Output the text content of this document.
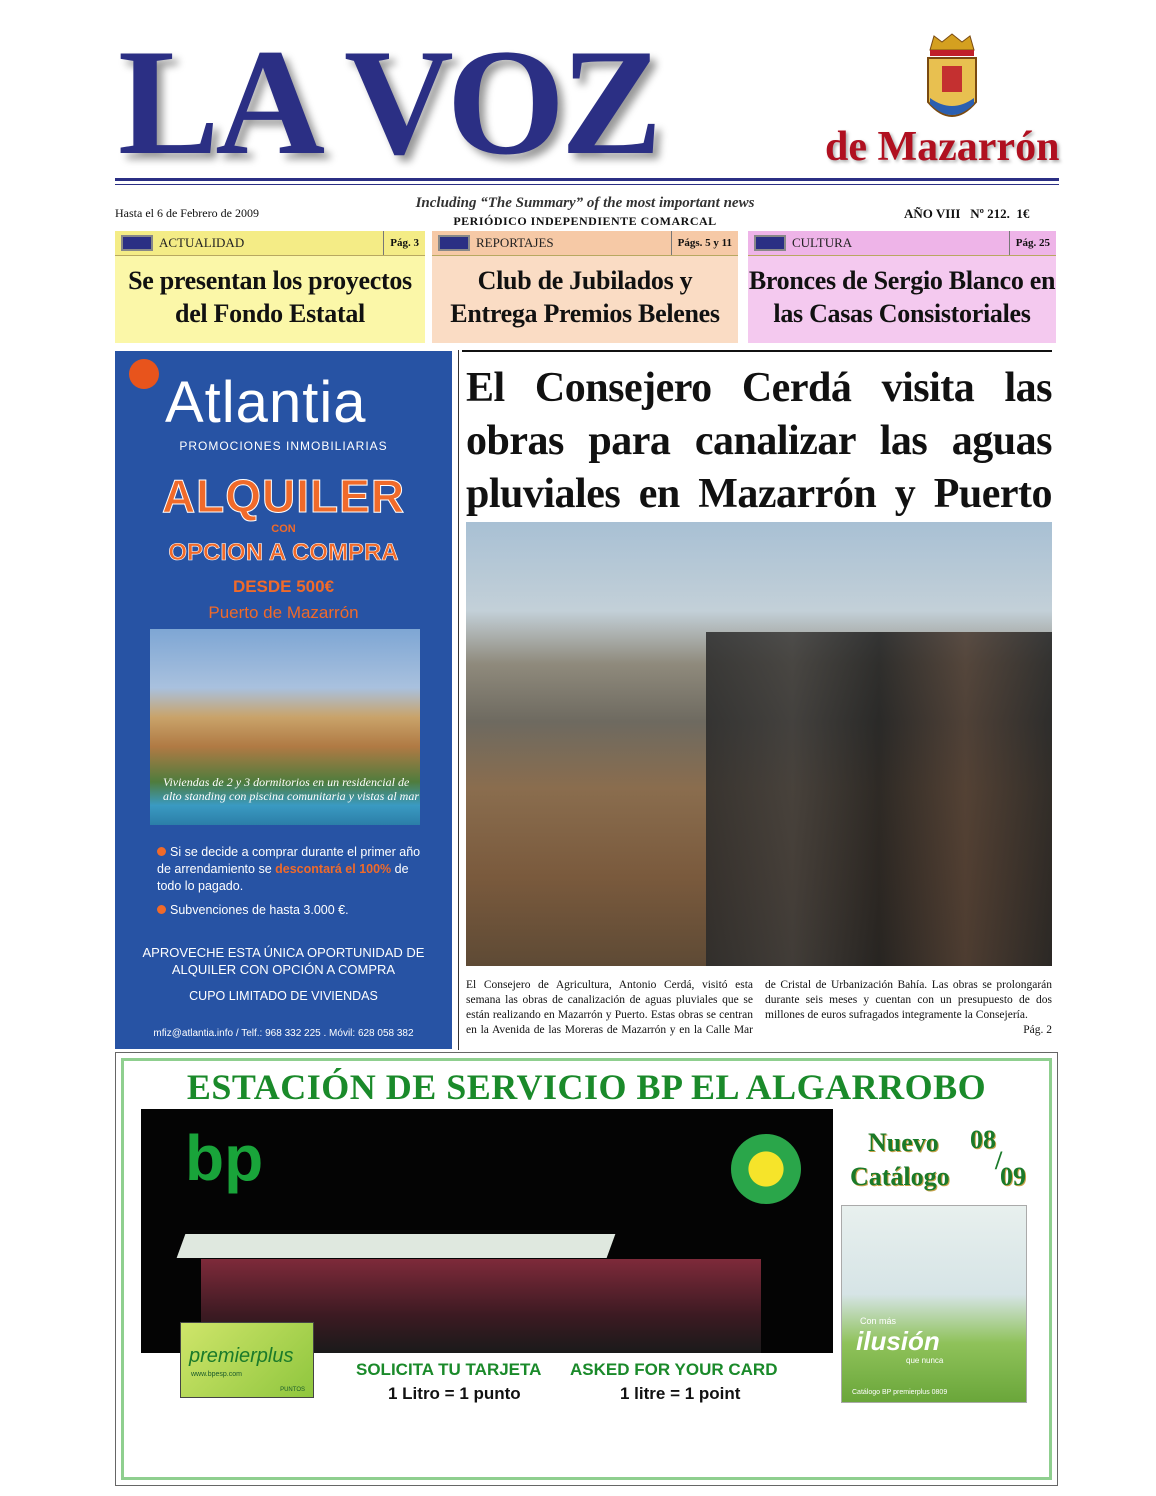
LA VOZ	de Mazarrón
Hasta el 6 de Febrero de 2009
Including “The Summary” of the most important news
PERIÓDICO INDEPENDIENTE COMARCAL	AÑO VIII   Nº 212.  1€
ACTUALIDAD	Pág. 3
Se presentan los proyectos del Fondo Estatal
REPORTAJES	Págs. 5 y 11
Club de Jubilados y Entrega Premios Belenes
CULTURA	Pág. 25
Bronces de Sergio Blanco en las Casas Consistoriales
Atlantia
PROMOCIONES INMOBILIARIAS
ALQUILER
CON
OPCION A COMPRA
DESDE 500€
Puerto de Mazarrón
Viviendas de 2 y 3 dormitorios en un residencial de alto standing con piscina comunitaria y vistas al mar
Si se decide a comprar durante el primer año de arrendamiento se descontará el 100% de todo lo pagado.
Subvenciones de hasta 3.000 €.
APROVECHE ESTA ÚNICA OPORTUNIDAD DE ALQUILER CON OPCIÓN A COMPRA
CUPO LIMITADO DE VIVIENDAS
mfiz@atlantia.info / Telf.: 968 332 225 . Móvil: 628 058 382
El Consejero Cerdá visita las obras para canalizar las aguas pluviales en Mazarrón y Puerto
El Consejero de Agricultura, Antonio Cerdá, visitó esta semana las obras de canalización de aguas pluviales que se están realizando en Mazarrón y Puerto. Estas obras se centran en la Avenida de las Moreras de Mazarrón y en la Calle Mar de Cristal de Urbanización Bahía. Las obras se prolongarán durante seis meses y cuentan con un presupuesto de dos millones de euros sufragados integramente la Consejería.
Pág. 2
ESTACIÓN DE SERVICIO BP EL ALGARROBO
bp
premierplus
www.bpesp.com
PUNTOS
SOLICITA TU TARJETA ASKED FOR YOUR CARD
1 Litro = 1 punto	1 litre = 1 point
Nuevo 08
/
Catálogo 09
Con más
ilusión
que nunca
Catálogo BP premierplus 0809
